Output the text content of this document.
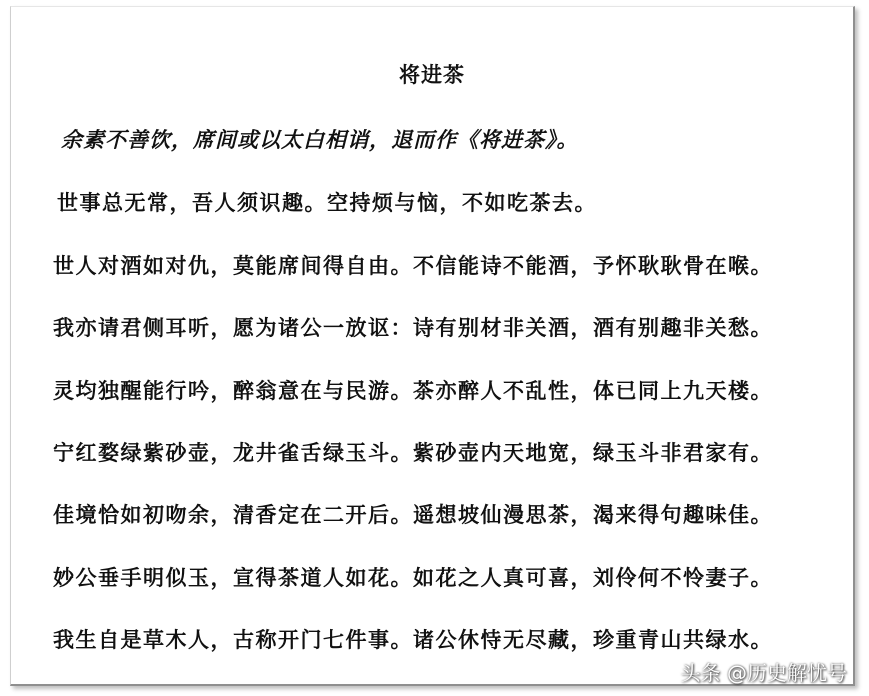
将进茶
余素不善饮，席间或以太白相诮，退而作《将进茶》。
世事总无常，吾人须识趣。空持烦与恼，不如吃茶去。
世人对酒如对仇，莫能席间得自由。不信能诗不能酒，予怀耿耿骨在喉。
我亦请君侧耳听，愿为诸公一放讴：诗有别材非关酒，酒有别趣非关愁。
灵均独醒能行吟，醉翁意在与民游。茶亦醉人不乱性，体已同上九天楼。
宁红婺绿紫砂壶，龙井雀舌绿玉斗。紫砂壶内天地宽，绿玉斗非君家有。
佳境恰如初吻余，清香定在二开后。遥想坡仙漫思茶，渴来得句趣味佳。
妙公垂手明似玉，宣得茶道人如花。如花之人真可喜，刘伶何不怜妻子。
我生自是草木人，古称开门七件事。诸公休恃无尽藏，珍重青山共绿水。
头条 @历史解忧号
